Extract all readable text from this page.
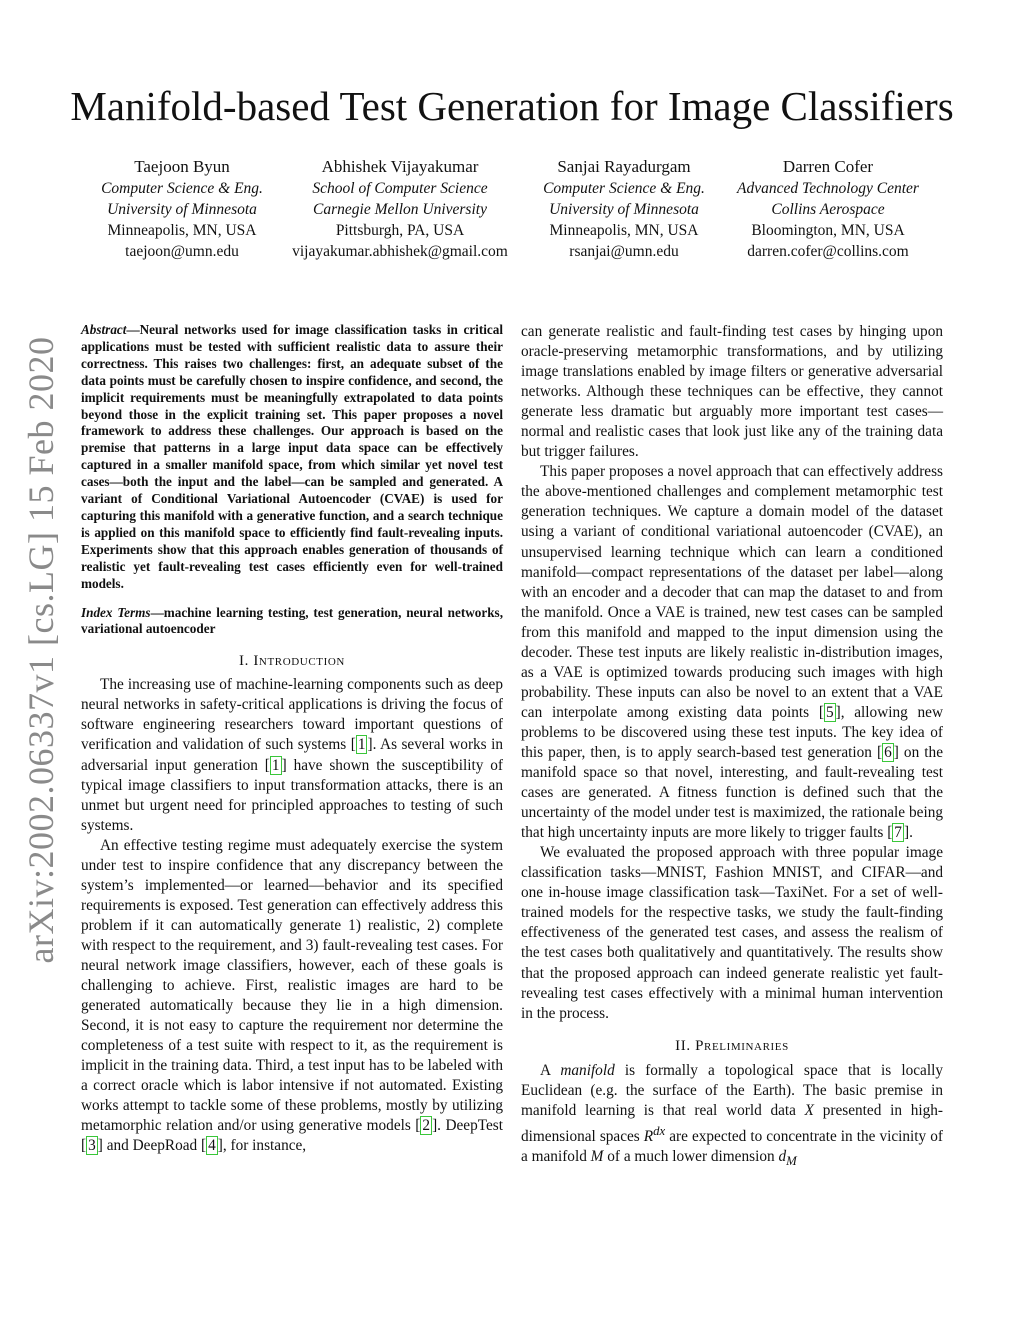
arXiv:2002.06337v1 [cs.LG] 15 Feb 2020
Manifold-based Test Generation for Image Classifiers
Taejoon Byun
Computer Science & Eng.
University of Minnesota
Minneapolis, MN, USA
taejoon@umn.edu
Abhishek Vijayakumar
School of Computer Science
Carnegie Mellon University
Pittsburgh, PA, USA
vijayakumar.abhishek@gmail.com
Sanjai Rayadurgam
Computer Science & Eng.
University of Minnesota
Minneapolis, MN, USA
rsanjai@umn.edu
Darren Cofer
Advanced Technology Center
Collins Aerospace
Bloomington, MN, USA
darren.cofer@collins.com

Abstract—Neural networks used for image classification tasks in critical applications must be tested with sufficient realistic data to assure their correctness. This raises two challenges: first, an adequate subset of the data points must be carefully chosen to inspire confidence, and second, the implicit requirements must be meaningfully extrapolated to data points beyond those in the explicit training set. This paper proposes a novel framework to address these challenges. Our approach is based on the premise that patterns in a large input data space can be effectively captured in a smaller manifold space, from which similar yet novel test cases—both the input and the label—can be sampled and generated. A variant of Conditional Variational Autoencoder (CVAE) is used for capturing this manifold with a generative function, and a search technique is applied on this manifold space to efficiently find fault-revealing inputs. Experiments show that this approach enables generation of thousands of realistic yet fault-revealing test cases efficiently even for well-trained models.

Index Terms—machine learning testing, test generation, neural networks, variational autoencoder

I. INTRODUCTION

The increasing use of machine-learning components such as deep neural networks in safety-critical applications is driving the focus of software engineering researchers toward important questions of verification and validation of such systems [ 1 ]. As several works in adversarial input generation [ 1 ] have shown the susceptibility of typical image classifiers to input transformation attacks, there is an unmet but urgent need for principled approaches to testing of such systems.

An effective testing regime must adequately exercise the system under test to inspire confidence that any discrepancy between the system’s implemented—or learned—behavior and its specified requirements is exposed. Test generation can effectively address this problem if it can automatically generate 1) realistic, 2) complete with respect to the requirement, and 3) fault-revealing test cases. For neural network image classifiers, however, each of these goals is challenging to achieve. First, realistic images are hard to be generated automatically because they lie in a high dimension. Second, it is not easy to capture the requirement nor determine the completeness of a test suite with respect to it, as the requirement is implicit in the training data. Third, a test input has to be labeled with a correct oracle which is labor intensive if not automated. Existing works attempt to tackle some of these problems, mostly by utilizing metamorphic relation and/or using generative models [ 2 ]. DeepTest [ 3 ] and DeepRoad [ 4 ], for instance,

can generate realistic and fault-finding test cases by hinging upon oracle-preserving metamorphic transformations, and by utilizing image translations enabled by image filters or generative adversarial networks. Although these techniques can be effective, they cannot generate less dramatic but arguably more important test cases—normal and realistic cases that look just like any of the training data but trigger failures.

This paper proposes a novel approach that can effectively address the above-mentioned challenges and complement metamorphic test generation techniques. We capture a domain model of the dataset using a variant of conditional variational autoencoder (CVAE), an unsupervised learning technique which can learn a conditioned manifold—compact representations of the dataset per label—along with an encoder and a decoder that can map the dataset to and from the manifold. Once a VAE is trained, new test cases can be sampled from this manifold and mapped to the input dimension using the decoder. These test inputs are likely realistic in-distribution images, as a VAE is optimized towards producing such images with high probability. These inputs can also be novel to an extent that a VAE can interpolate among existing data points [ 5 ], allowing new problems to be discovered using these test inputs. The key idea of this paper, then, is to apply search-based test generation [ 6 ] on the manifold space so that novel, interesting, and fault-revealing test cases are generated. A fitness function is defined such that the uncertainty of the model under test is maximized, the rationale being that high uncertainty inputs are more likely to trigger faults [ 7 ].

We evaluated the proposed approach with three popular image classification tasks—MNIST, Fashion MNIST, and CIFAR—and one in-house image classification task—TaxiNet. For a set of well-trained models for the respective tasks, we study the fault-finding effectiveness of the generated test cases, and assess the realism of the test cases both qualitatively and quantitatively. The results show that the proposed approach can indeed generate realistic yet fault-revealing test cases effectively with a minimal human intervention in the process.

II. PRELIMINARIES

A manifold is formally a topological space that is locally Euclidean (e.g. the surface of the Earth). The basic premise in manifold learning is that real world data X presented in high-dimensional spaces $R^{dx}$ are expected to concentrate in the vicinity of a manifold M of a much lower dimension $d_M$
